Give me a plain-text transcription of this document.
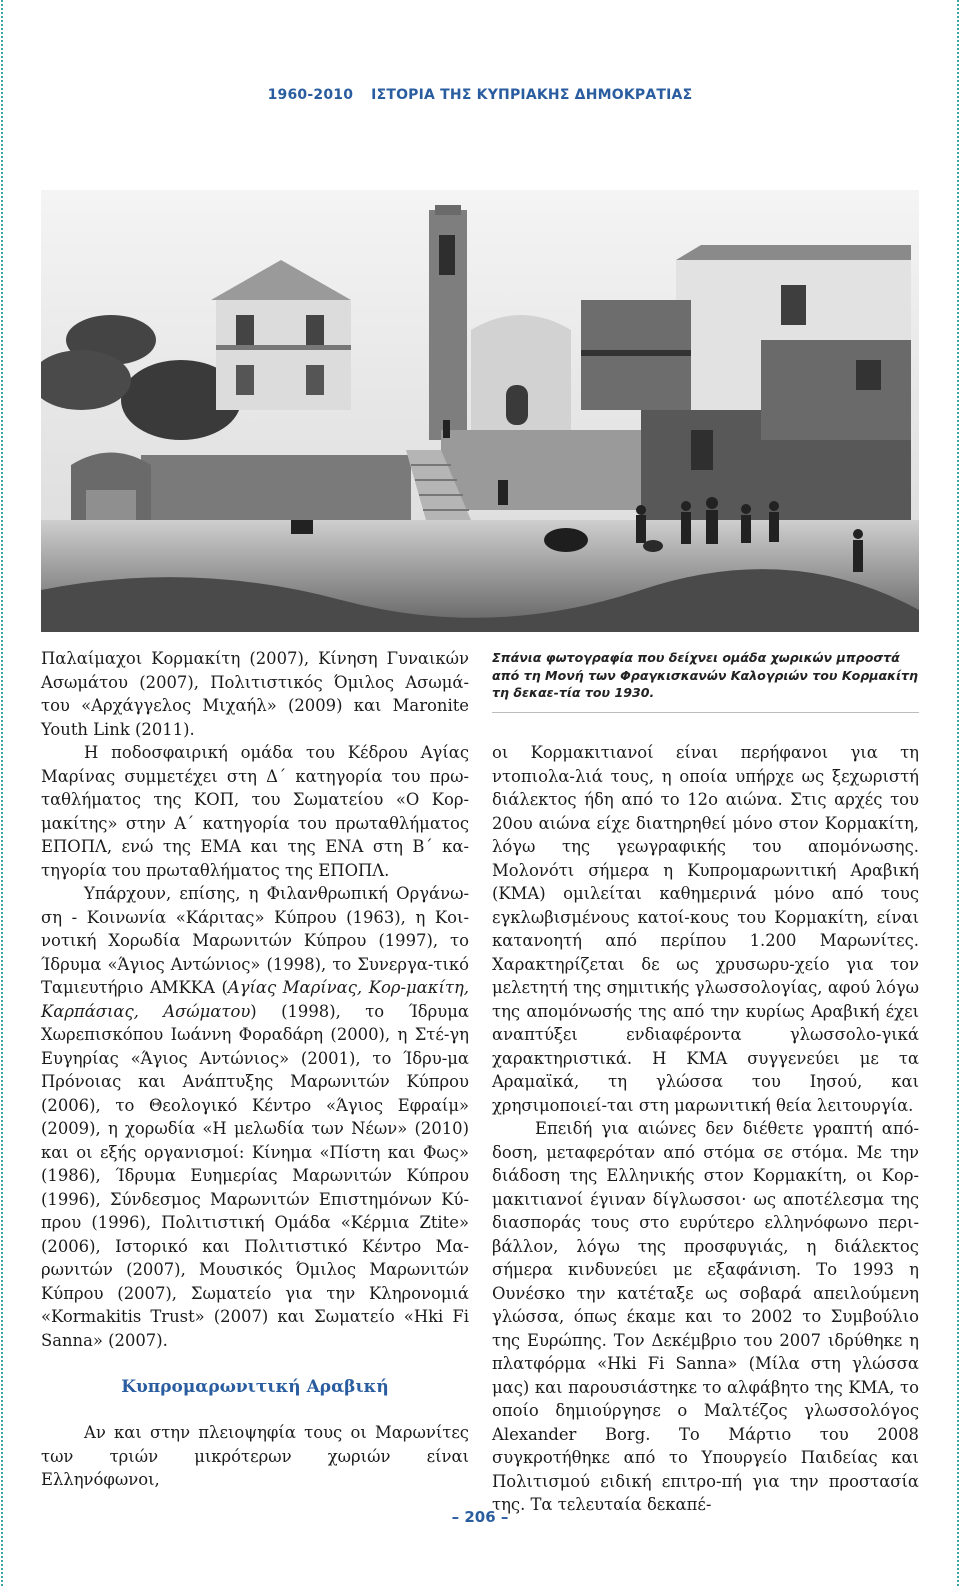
1960-2010 ΙΣΤΟΡΙΑ ΤΗΣ ΚΥΠΡΙΑΚΗΣ ΔΗΜΟΚΡΑΤΙΑΣ
Σπάνια φωτογραφία που δείχνει ομάδα χωρικών μπροστά από τη Μονή των Φραγκισκανών Καλογριών του Κορμακίτη τη δεκαε-τία του 1930.

Παλαίμαχοι Κορμακίτη (2007), Κίνηση Γυναικών Ασωμάτου (2007), Πολιτιστικός Όμιλος Ασωμά-του «Αρχάγγελος Μιχαήλ» (2009) και Maronite Youth Link (2011).

Η ποδοσφαιρική ομάδα του Κέδρου Αγίας Μαρίνας συμμετέχει στη Δ΄ κατηγορία του πρω-ταθλήματος της ΚΟΠ, του Σωματείου «Ο Κορ-μακίτης» στην Α΄ κατηγορία του πρωταθλήματος ΕΠΟΠΛ, ενώ της ΕΜΑ και της ΕΝΑ στη Β΄ κα-τηγορία του πρωταθλήματος της ΕΠΟΠΛ.

Υπάρχουν, επίσης, η Φιλανθρωπική Οργάνω-ση - Κοινωνία «Κάριτας» Κύπρου (1963), η Κοι-νοτική Χορωδία Μαρωνιτών Κύπρου (1997), το Ίδρυμα «Άγιος Αντώνιος» (1998), το Συνεργα-τικό Ταμιευτήριο ΑΜΚΚΑ (Αγίας Μαρίνας, Κορ-μακίτη, Καρπάσιας, Ασώματου) (1998), το Ίδρυμα Χωρεπισκόπου Ιωάννη Φοραδάρη (2000), η Στέ-γη Ευγηρίας «Άγιος Αντώνιος» (2001), το Ίδρυ-μα Πρόνοιας και Ανάπτυξης Μαρωνιτών Κύπρου (2006), το Θεολογικό Κέντρο «Άγιος Εφραίμ» (2009), η χορωδία «Η μελωδία των Νέων» (2010) και οι εξής οργανισμοί: Κίνημα «Πίστη και Φως» (1986), Ίδρυμα Ευημερίας Μαρωνιτών Κύπρου (1996), Σύνδεσμος Μαρωνιτών Επιστημόνων Κύ-πρου (1996), Πολιτιστική Ομάδα «Κέρμια Ztite» (2006), Ιστορικό και Πολιτιστικό Κέντρο Μα-ρωνιτών (2007), Μουσικός Όμιλος Μαρωνιτών Κύπρου (2007), Σωματείο για την Κληρονομιά «Kormakitis Trust» (2007) και Σωματείο «Hki Fi Sanna» (2007).

Κυπρομαρωνιτική Αραβική

Αν και στην πλειοψηφία τους οι Μαρωνίτες των τριών μικρότερων χωριών είναι Ελληνόφωνοι,

οι Κορμακιτιανοί είναι περήφανοι για τη ντοπιολα-λιά τους, η οποία υπήρχε ως ξεχωριστή διάλεκτος ήδη από το 12ο αιώνα. Στις αρχές του 20ου αιώνα είχε διατηρηθεί μόνο στον Κορμακίτη, λόγω της γεωγραφικής του απομόνωσης. Μολονότι σήμερα η Κυπρομαρωνιτική Αραβική (ΚΜΑ) ομιλείται καθημερινά μόνο από τους εγκλωβισμένους κατοί-κους του Κορμακίτη, είναι κατανοητή από περίπου 1.200 Μαρωνίτες. Χαρακτηρίζεται δε ως χρυσωρυ-χείο για τον μελετητή της σημιτικής γλωσσολογίας, αφού λόγω της απομόνωσής της από την κυρίως Αραβική έχει αναπτύξει ενδιαφέροντα γλωσσολο-γικά χαρακτηριστικά. Η ΚΜΑ συγγενεύει με τα Αραμαϊκά, τη γλώσσα του Ιησού, και χρησιμοποιεί-ται στη μαρωνιτική θεία λειτουργία.

Επειδή για αιώνες δεν διέθετε γραπτή από-δοση, μεταφερόταν από στόμα σε στόμα. Με την διάδοση της Ελληνικής στον Κορμακίτη, οι Κορ-μακιτιανοί έγιναν δίγλωσσοι· ως αποτέλεσμα της διασποράς τους στο ευρύτερο ελληνόφωνο περι-βάλλον, λόγω της προσφυγιάς, η διάλεκτος σήμερα κινδυνεύει με εξαφάνιση. Το 1993 η Ουνέσκο την κατέταξε ως σοβαρά απειλούμενη γλώσσα, όπως έκαμε και το 2002 το Συμβούλιο της Ευρώπης. Τον Δεκέμβριο του 2007 ιδρύθηκε η πλατφόρμα «Hki Fi Sanna» (Μίλα στη γλώσσα μας) και παρουσιάστηκε το αλφάβητο της ΚΜΑ, το οποίο δημιούργησε ο Μαλτέζος γλωσσολόγος Alexander Borg. Το Μάρτιο του 2008 συγκροτήθηκε από το Υπουργείο Παιδείας και Πολιτισμού ειδική επιτρο-πή για την προστασία της. Τα τελευταία δεκαπέ-

– 206 –
